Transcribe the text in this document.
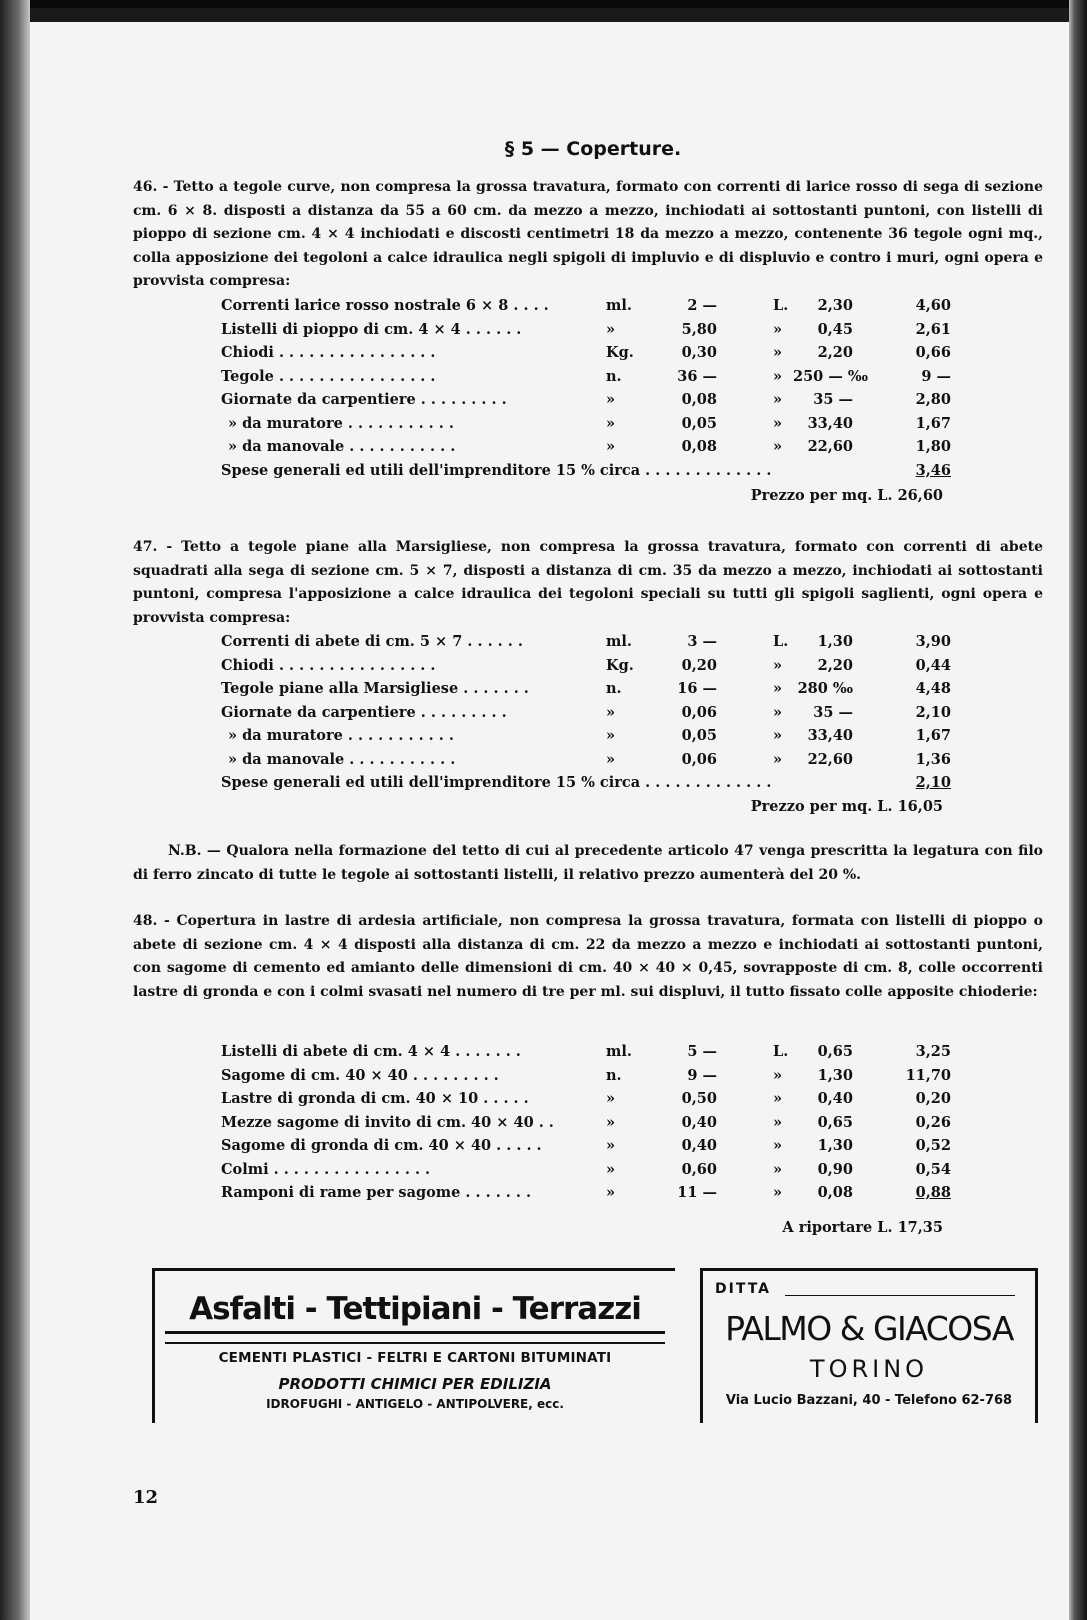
§ 5 — Coperture.
46. - Tetto a tegole curve, non compresa la grossa travatura, formato con correnti di larice rosso di sega di sezione cm. 6 × 8. disposti a distanza da 55 a 60 cm. da mezzo a mezzo, inchiodati ai sottostanti puntoni, con listelli di pioppo di sezione cm. 4 × 4 inchiodati e discosti centimetri 18 da mezzo a mezzo, contenente 36 tegole ogni mq., colla apposizione dei tegoloni a calce idraulica negli spigoli di impluvio e di displuvio e contro i muri, ogni opera e provvista compresa:
Correnti larice rosso nostrale 6 × 8 . . . .	ml.	2 —	L.	2,30	4,60
Listelli di pioppo di cm. 4 × 4 . . . . . .	»	5,80	»	0,45	2,61
Chiodi . . . . . . . . . . . . . . . .	Kg.	0,30	»	2,20	0,66
Tegole . . . . . . . . . . . . . . . .	n.	36 —	» 250 — ‰	9 —
Giornate da carpentiere . . . . . . . . .	»	0,08	»	35 —	2,80
» da muratore . . . . . . . . . . .	»	0,05	»	33,40	1,67
» da manovale . . . . . . . . . . .	»	0,08	»	22,60	1,80
Spese generali ed utili dell'imprenditore 15 % circa . . . . . . . . . . . . .	3,46
Prezzo per mq. L. 26,60
47. - Tetto a tegole piane alla Marsigliese, non compresa la grossa travatura, formato con correnti di abete squadrati alla sega di sezione cm. 5 × 7, disposti a distanza di cm. 35 da mezzo a mezzo, inchiodati ai sottostanti puntoni, compresa l'apposizione a calce idraulica dei tegoloni speciali su tutti gli spigoli saglienti, ogni opera e provvista compresa:
Correnti di abete di cm. 5 × 7 . . . . . .	ml.	3 —	L.	1,30	3,90
Chiodi . . . . . . . . . . . . . . . .	Kg.	0,20	»	2,20	0,44
Tegole piane alla Marsigliese . . . . . . .	n.	16 —	»	280 ‰	4,48
Giornate da carpentiere . . . . . . . . .	»	0,06	»	35 —	2,10
» da muratore . . . . . . . . . . .	»	0,05	»	33,40	1,67
» da manovale . . . . . . . . . . .	»	0,06	»	22,60	1,36
Spese generali ed utili dell'imprenditore 15 % circa . . . . . . . . . . . . .	2,10
Prezzo per mq. L. 16,05
N.B. — Qualora nella formazione del tetto di cui al precedente articolo 47 venga prescritta la legatura con filo di ferro zincato di tutte le tegole ai sottostanti listelli, il relativo prezzo aumenterà del 20 %.
48. - Copertura in lastre di ardesia artificiale, non compresa la grossa travatura, formata con listelli di pioppo o abete di sezione cm. 4 × 4 disposti alla distanza di cm. 22 da mezzo a mezzo e inchiodati ai sottostanti puntoni, con sagome di cemento ed amianto delle dimensioni di cm. 40 × 40 × 0,45, sovrapposte di cm. 8, colle occorrenti lastre di gronda e con i colmi svasati nel numero di tre per ml. sui displuvi, il tutto fissato colle apposite chioderie:
Listelli di abete di cm. 4 × 4 . . . . . . .	ml.	5 —	L.	0,65	3,25
Sagome di cm. 40 × 40 . . . . . . . . .	n.	9 —	»	1,30	11,70
Lastre di gronda di cm. 40 × 10 . . . . .	»	0,50	»	0,40	0,20
Mezze sagome di invito di cm. 40 × 40 . .	»	0,40	»	0,65	0,26
Sagome di gronda di cm. 40 × 40 . . . . .	»	0,40	»	1,30	0,52
Colmi . . . . . . . . . . . . . . . .	»	0,60	»	0,90	0,54
Ramponi di rame per sagome . . . . . . .	»	11 —	»	0,08	0,88
A riportare L. 17,35
Asfalti - Tettipiani - Terrazzi
CEMENTI PLASTICI - FELTRI E CARTONI BITUMINATI
PRODOTTI CHIMICI PER EDILIZIA
IDROFUGHI - ANTIGELO - ANTIPOLVERE, ecc.
DITTA
PALMO & GIACOSA
TORINO
Via Lucio Bazzani, 40 - Telefono 62-768
12
